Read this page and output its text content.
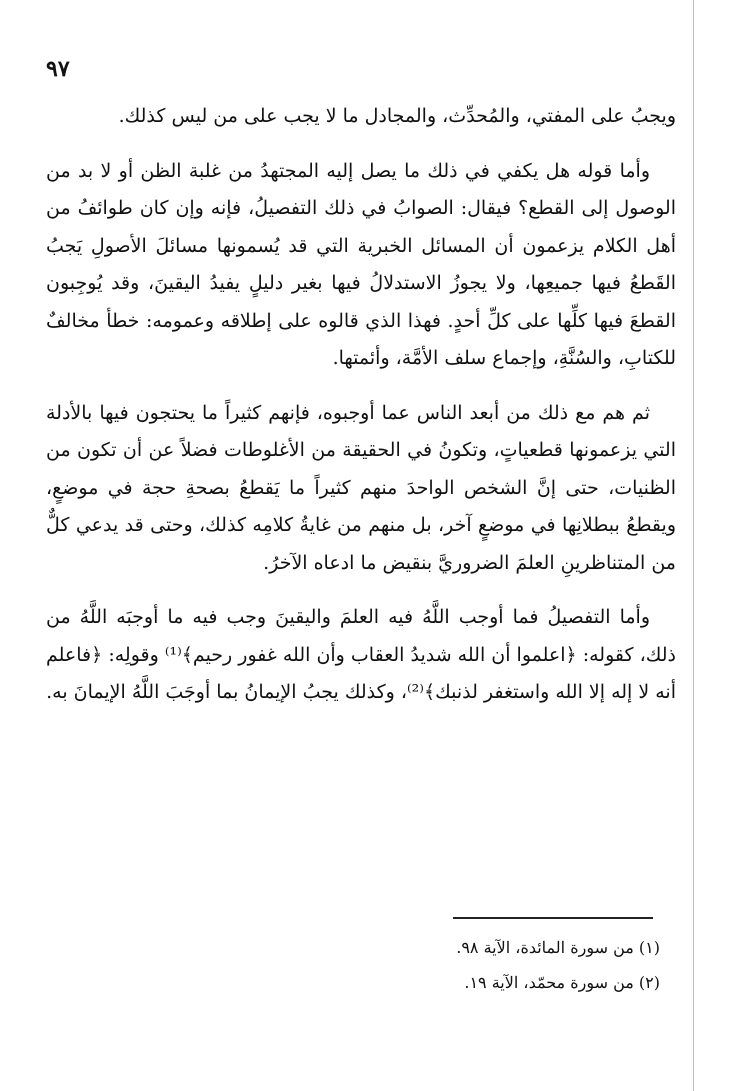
٩٧

ويجبُ على المفتي، والمُحدِّث، والمجادل ما لا يجب على من ليس كذلك.

وأما قوله هل يكفي في ذلك ما يصل إليه المجتهدُ من غلبة الظن أو لا بد من الوصول إلى القطع؟ فيقال: الصوابُ في ذلك التفصيلُ، فإنه وإن كان طوائفُ من أهل الكلام يزعمون أن المسائل الخبرية التي قد يُسمونها مسائلَ الأصولِ يَجبُ القَطعُ فيها جميعِها، ولا يجوزُ الاستدلالُ فيها بغير دليلٍ يفيدُ اليقينَ، وقد يُوجِبون القطعَ فيها كلِّها على كلِّ أحدٍ. فهذا الذي قالوه على إطلاقه وعمومه: خطأ مخالفٌ للكتابِ، والسُنَّةِ، وإجماع سلف الأمَّة، وأئمتها.

ثم هم مع ذلك من أبعد الناس عما أوجبوه، فإنهم كثيراً ما يحتجون فيها بالأدلة التي يزعمونها قطعياتٍ، وتكونُ في الحقيقة من الأغلوطات فضلاً عن أن تكون من الظنيات، حتى إنَّ الشخص الواحدَ منهم كثيراً ما يَقطعُ بصحةِ حجة في موضعٍ، ويقطعُ ببطلانِها في موضعٍ آخر، بل منهم من غايةُ كلامِه كذلك، وحتى قد يدعي كلٌّ من المتناظرينِ العلمَ الضروريَّ بنقيض ما ادعاه الآخرُ.

وأما التفصيلُ فما أوجب اللَّهُ فيه العلمَ واليقينَ وجب فيه ما أوجبَه اللَّهُ من ذلك، كقوله: ﴿اعلموا أن الله شديدُ العقاب وأن الله غفور رحيم﴾⁽¹⁾ وقولِه: ﴿فاعلم أنه لا إله إلا الله واستغفر لذنبك﴾⁽²⁾، وكذلك يجبُ الإيمانُ بما أوجَبَ اللَّهُ الإيمانَ به.

(١) من سورة المائدة، الآية ٩٨.

(٢) من سورة محمّد، الآية ١٩.
